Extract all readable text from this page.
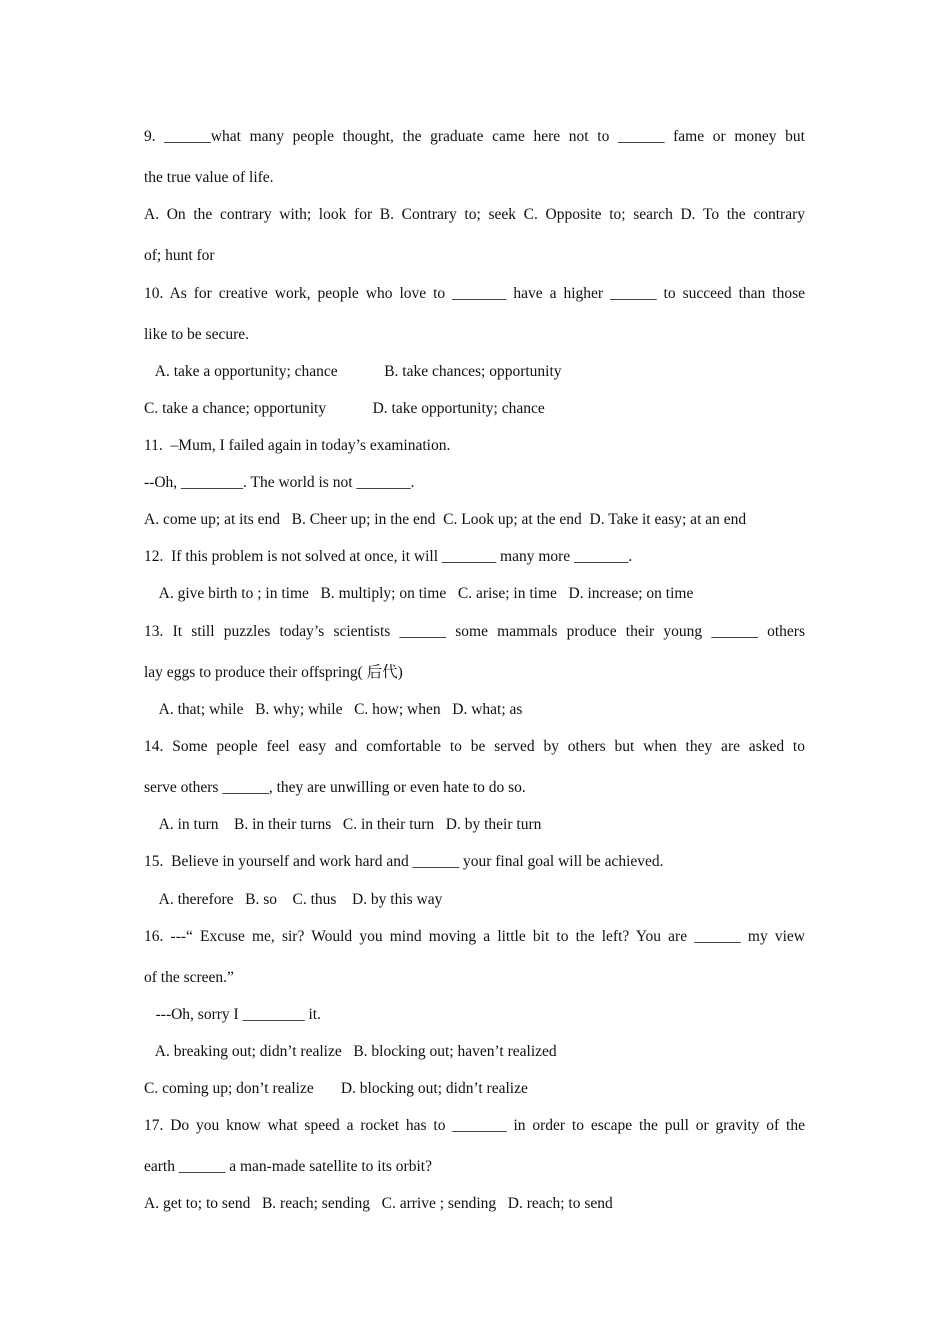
9. ______what many people thought, the graduate came here not to ______ fame or money but

the true value of life.

A. On the contrary with; look for B. Contrary to; seek C. Opposite to; search D. To the contrary

of; hunt for

10. As for creative work, people who love to _______ have a higher ______ to succeed than those

like to be secure.

A. take a opportunity; chance            B. take chances; opportunity

C. take a chance; opportunity            D. take opportunity; chance

11.  –Mum, I failed again in today’s examination.

--Oh, ________. The world is not _______.

A. come up; at its end   B. Cheer up; in the end  C. Look up; at the end  D. Take it easy; at an end

12.  If this problem is not solved at once, it will _______ many more _______.

A. give birth to ; in time   B. multiply; on time   C. arise; in time   D. increase; on time

13. It still puzzles today’s scientists ______ some mammals produce their young ______ others

lay eggs to produce their offspring( 后代)

A. that; while   B. why; while   C. how; when   D. what; as

14. Some people feel easy and comfortable to be served by others but when they are asked to

serve others ______, they are unwilling or even hate to do so.

A. in turn    B. in their turns   C. in their turn   D. by their turn

15.  Believe in yourself and work hard and ______ your final goal will be achieved.

A. therefore   B. so    C. thus    D. by this way

16. ---“ Excuse me, sir? Would you mind moving a little bit to the left? You are ______ my view

of the screen.”

---Oh, sorry I ________ it.

A. breaking out; didn’t realize   B. blocking out; haven’t realized

C. coming up; don’t realize       D. blocking out; didn’t realize

17. Do you know what speed a rocket has to _______ in order to escape the pull or gravity of the

earth ______ a man-made satellite to its orbit?

A. get to; to send   B. reach; sending   C. arrive ; sending   D. reach; to send
